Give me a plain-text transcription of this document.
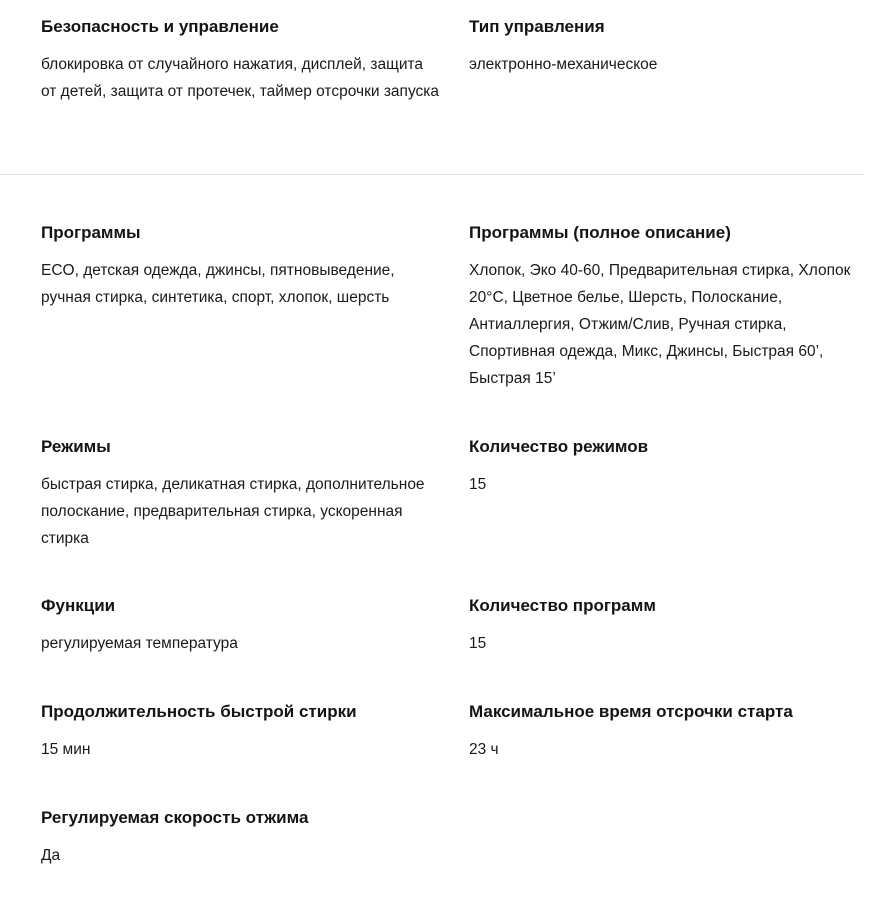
Безопасность и управление
блокировка от случайного нажатия, дисплей, защита от детей, защита от протечек, таймер отсрочки запуска
Тип управления
электронно-механическое
Программы
ECO, детская одежда, джинсы, пятновыведение, ручная стирка, синтетика, спорт, хлопок, шерсть
Программы (полное описание)
Хлопок, Эко 40-60, Предварительная стирка, Хлопок 20°C, Цветное белье, Шерсть, Полоскание, Антиаллергия, Отжим/Слив, Ручная стирка, Спортивная одежда, Микс, Джинсы, Быстрая 60’, Быстрая 15’
Режимы
быстрая стирка, деликатная стирка, дополнительное полоскание, предварительная стирка, ускоренная стирка
Количество режимов
15
Функции
регулируемая температура
Количество программ
15
Продолжительность быстрой стирки
15 мин
Максимальное время отсрочки старта
23 ч
Регулируемая скорость отжима
Да
